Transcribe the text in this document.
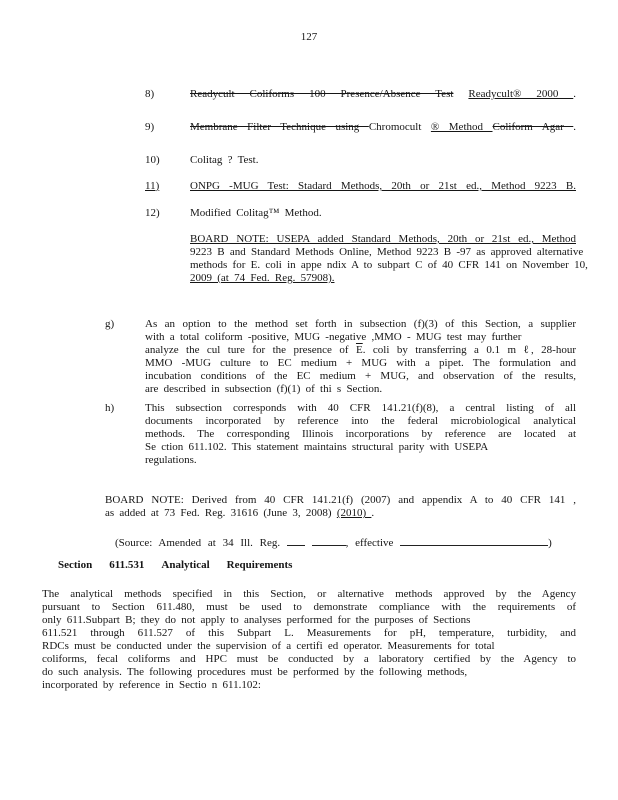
127
8)	Readycult Coliforms 100 Presence/Absence Test Readycult® 2000 .
9)	Membrane Filter Technique using Chromocult ® Method Coliform Agar .
10)	Colitag ? Test.
11)	ONPG -MUG Test: Stadard Methods, 20th or 21st ed., Method 9223 B.
12)	Modified Colitag™ Method.
BOARD NOTE: USEPA added Standard Methods, 20th or 21st ed., Method
9223 B and Standard Methods Online, Method 9223 B -97 as approved alternative
methods for E. coli in appe ndix A to subpart C of 40 CFR 141 on November 10,
2009 (at 74 Fed. Reg. 57908).
g)	As an option to the method set forth in subsection (f)(3) of this Section, a supplier
with a total coliform -positive, MUG -negative ,MMO - MUG test may further
analyze the cul ture for the presence of $\overline{E}$. coli by transferring a 0.1 m ℓ, 28-hour
MMO -MUG culture to EC medium + MUG with a pipet. The formulation and
incubation conditions of the EC medium + MUG, and observation of the results,
are described in subsection (f)(1) of thi s Section.
h)	This subsection corresponds with 40 CFR 141.21(f)(8), a central listing of all
documents incorporated by reference into the federal microbiological analytical
methods. The corresponding Illinois incorporations by reference are located at
Se ction 611.102. This statement maintains structural parity with USEPA
regulations.
BOARD NOTE: Derived from 40 CFR 141.21(f) (2007) and appendix A to 40 CFR 141 ,
as added at 73 Fed. Reg. 31616 (June 3, 2008) (2010) .
(Source: Amended at 34 Ill. Reg.	, effective	)
Section 611.531 Analytical Requirements
The analytical methods specified in this Section, or alternative methods approved by the Agency
pursuant to Section 611.480, must be used to demonstrate compliance with the requirements of
only 611.Subpart B; they do not apply to analyses performed for the purposes of Sections
611.521 through 611.527 of this Subpart L. Measurements for pH, temperature, turbidity, and
RDCs must be conducted under the supervision of a certifi ed operator. Measurements for total
coliforms, fecal coliforms and HPC must be conducted by a laboratory certified by the Agency to
do such analysis. The following procedures must be performed by the following methods,
incorporated by reference in Sectio n 611.102:
